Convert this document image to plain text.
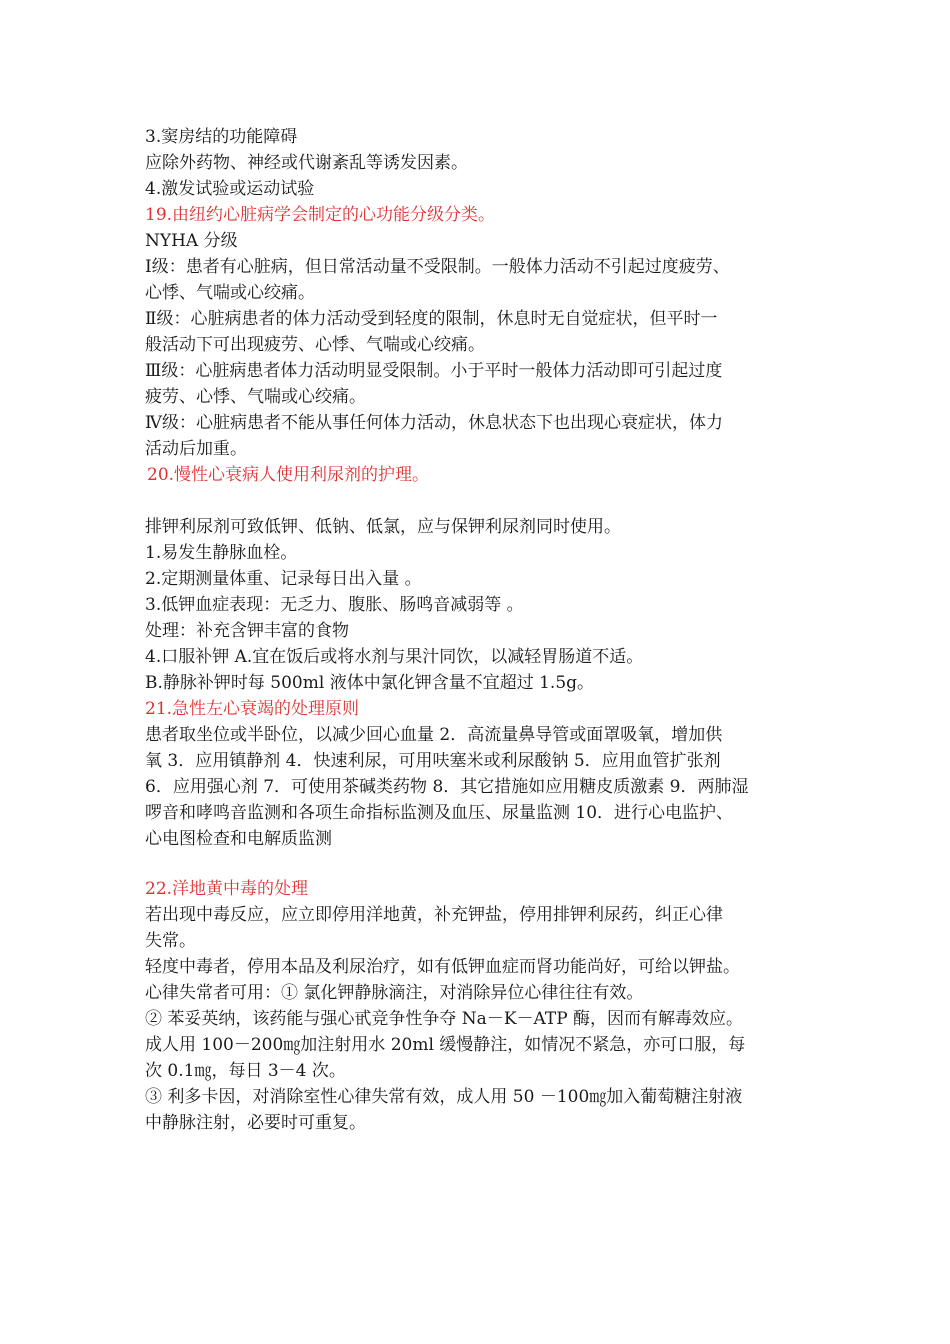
3.窦房结的功能障碍

应除外药物、神经或代谢紊乱等诱发因素。

4.激发试验或运动试验

19.由纽约心脏病学会制定的心功能分级分类。

NYHA 分级

Ⅰ级：患者有心脏病，但日常活动量不受限制。一般体力活动不引起过度疲劳、

心悸、气喘或心绞痛。

Ⅱ级：心脏病患者的体力活动受到轻度的限制，休息时无自觉症状，但平时一

般活动下可出现疲劳、心悸、气喘或心绞痛。

Ⅲ级：心脏病患者体力活动明显受限制。小于平时一般体力活动即可引起过度

疲劳、心悸、气喘或心绞痛。

Ⅳ级：心脏病患者不能从事任何体力活动，休息状态下也出现心衰症状，体力

活动后加重。

20.慢性心衰病人使用利尿剂的护理。

排钾利尿剂可致低钾、低钠、低氯，应与保钾利尿剂同时使用。

1.易发生静脉血栓。

2.定期测量体重、记录每日出入量 。

3.低钾血症表现：无乏力、腹胀、肠鸣音减弱等 。

处理：补充含钾丰富的食物

4.口服补钾 A.宜在饭后或将水剂与果汁同饮，以减轻胃肠道不适。

B.静脉补钾时每 500ml 液体中氯化钾含量不宜超过 1.5g。

21.急性左心衰竭的处理原则

患者取坐位或半卧位，以减少回心血量 2．高流量鼻导管或面罩吸氧，增加供

氧 3．应用镇静剂 4．快速利尿，可用呋塞米或利尿酸钠 5．应用血管扩张剂

6．应用强心剂 7．可使用茶碱类药物 8．其它措施如应用糖皮质激素 9．两肺湿

啰音和哮鸣音监测和各项生命指标监测及血压、尿量监测 10．进行心电监护、

心电图检查和电解质监测

22.洋地黄中毒的处理

若出现中毒反应，应立即停用洋地黄，补充钾盐，停用排钾利尿药，纠正心律

失常。

轻度中毒者，停用本品及利尿治疗，如有低钾血症而肾功能尚好，可给以钾盐。

心律失常者可用：① 氯化钾静脉滴注，对消除异位心律往往有效。

② 苯妥英纳，该药能与强心甙竞争性争夺 Na－K－ATP 酶，因而有解毒效应。

成人用 100－200㎎加注射用水 20ml 缓慢静注，如情况不紧急，亦可口服，每

次 0.1㎎，每日 3－4 次。

③ 利多卡因，对消除室性心律失常有效，成人用 50 －100㎎加入葡萄糖注射液

中静脉注射，必要时可重复。
